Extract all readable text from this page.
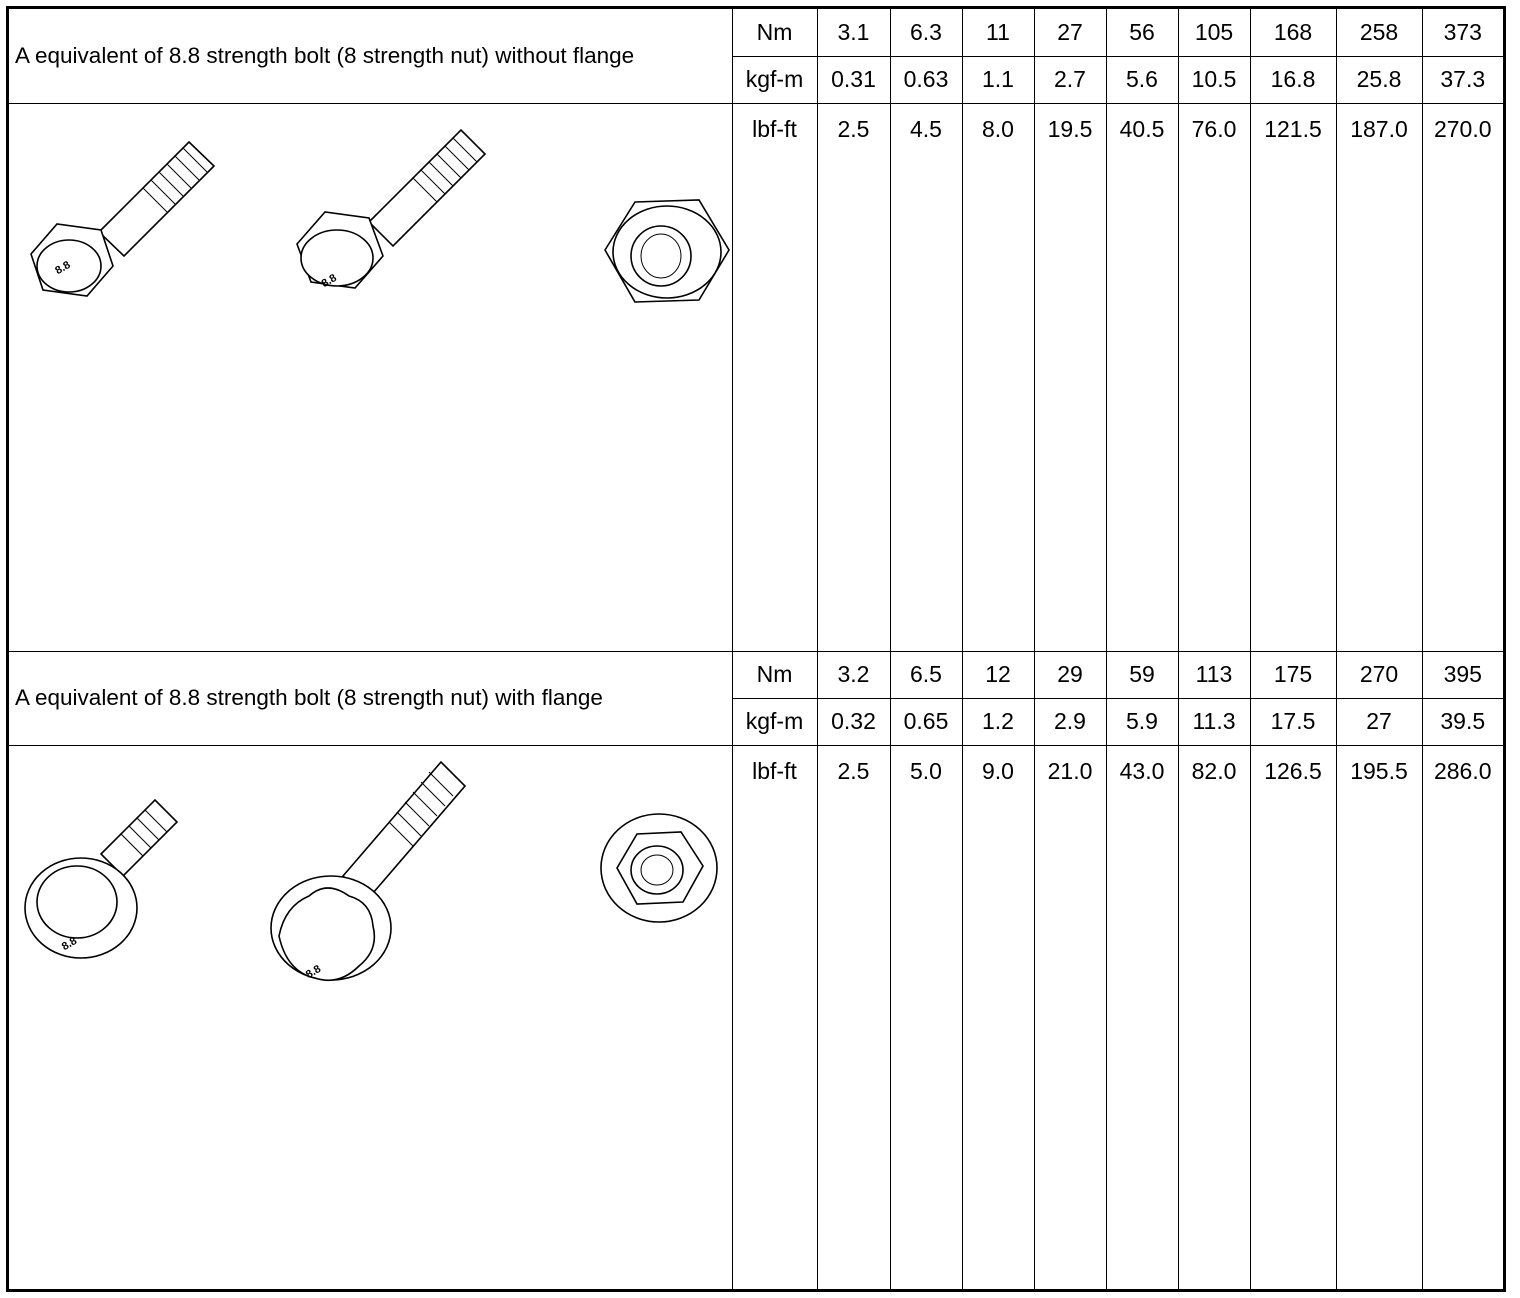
A equivalent of 8.8 strength bolt (8 strength nut) without flange	Nm	3.1	6.3	11	27	56	105	168	258	373
	kgf-m	0.31	0.63	1.1	2.7	5.6	10.5	16.8	25.8	37.3

8.8
8.8	lbf-ft	2.5	4.5	8.0	19.5	40.5	76.0	121.5	187.0	270.0
A equivalent of 8.8 strength bolt (8 strength nut) with flange	Nm	3.2	6.5	12	29	59	113	175	270	395
	kgf-m	0.32	0.65	1.2	2.9	5.9	11.3	17.5	27	39.5

8.8
8.8	lbf-ft	2.5	5.0	9.0	21.0	43.0	82.0	126.5	195.5	286.0
